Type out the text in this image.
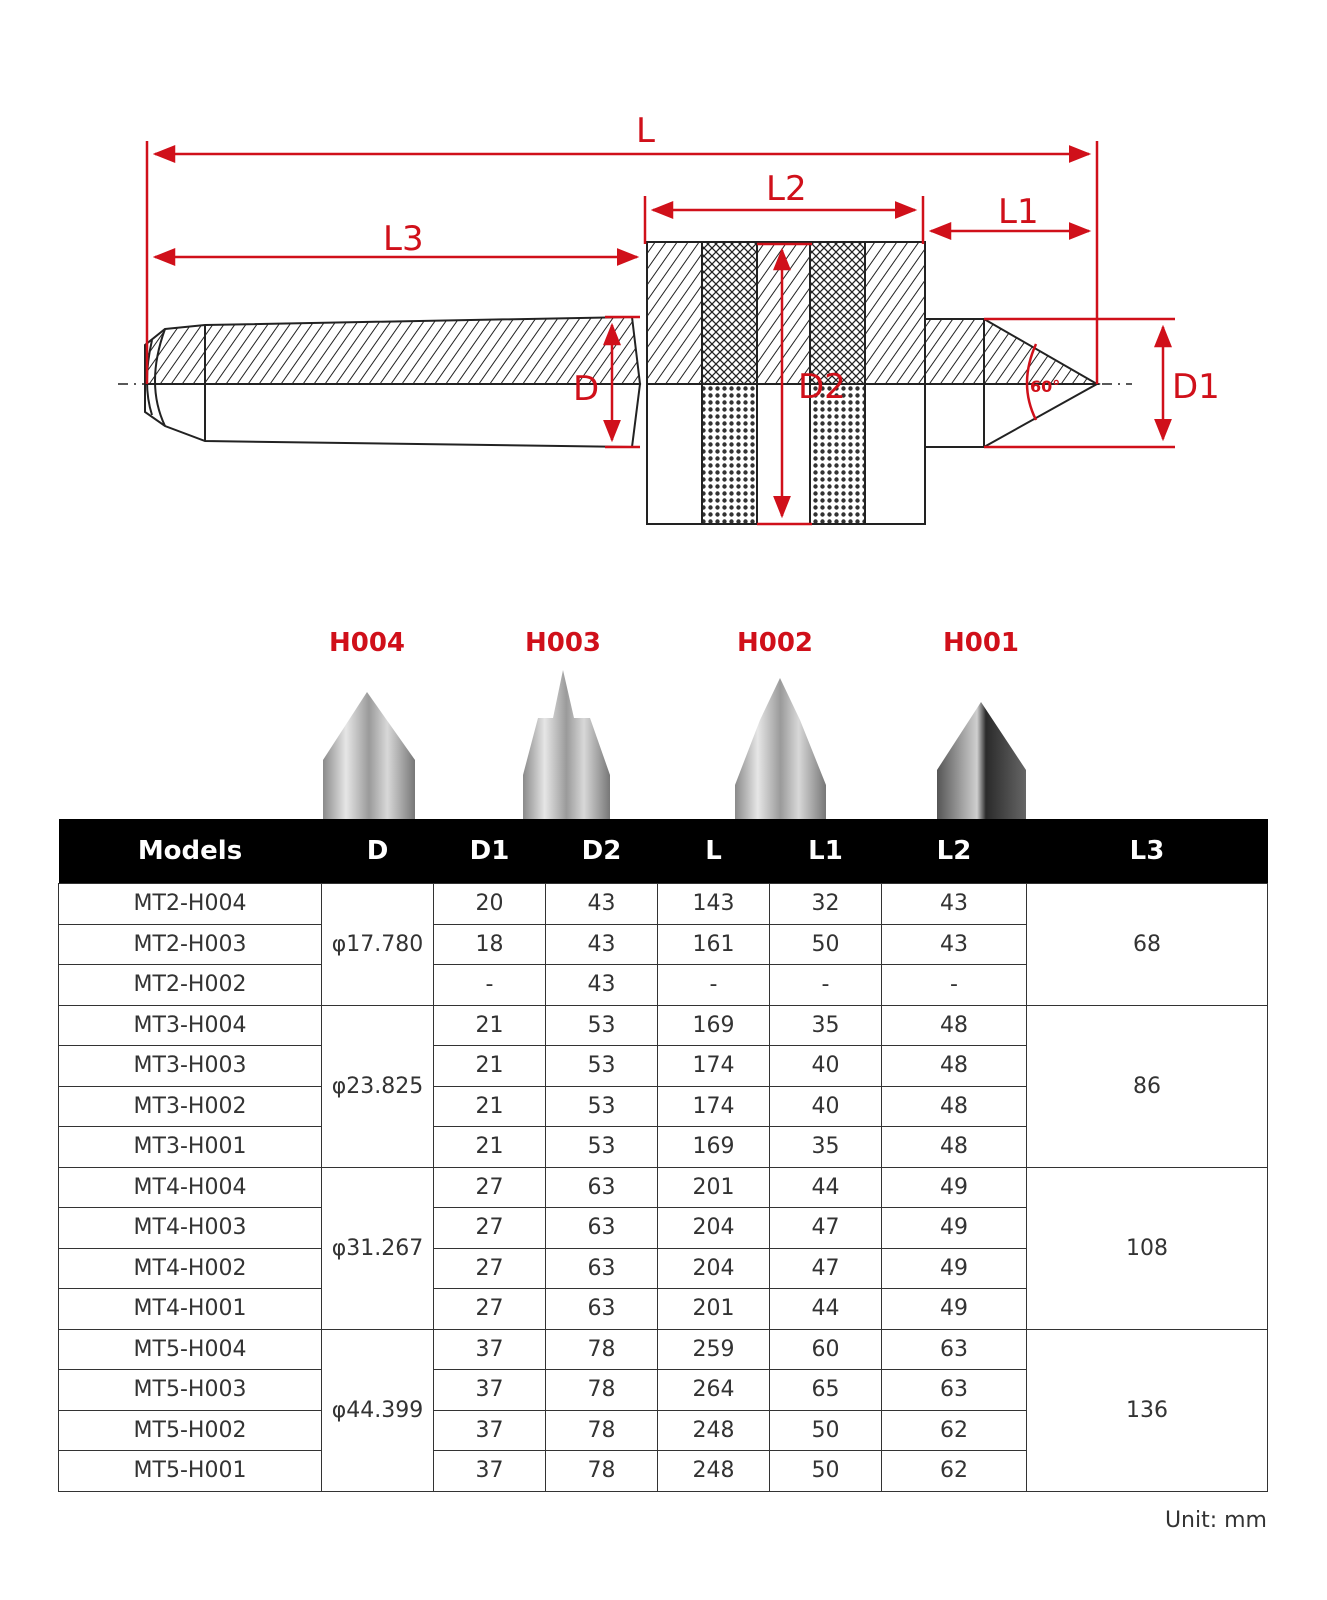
60°
L
L2
L1
L3
D	D2	D1
H004	H003	H002	H001
Models	D	D1	D2	L	L1	L2	L3
MT2-H004	φ17.780	20	43	143	32	43	68
MT2-H003		18	43	161	50	43	
MT2-H002		-	43	-	-	-	
MT3-H004	φ23.825	21	53	169	35	48	86
MT3-H003		21	53	174	40	48	
MT3-H002		21	53	174	40	48	
MT3-H001		21	53	169	35	48	
MT4-H004	φ31.267	27	63	201	44	49	108
MT4-H003		27	63	204	47	49	
MT4-H002		27	63	204	47	49	
MT4-H001		27	63	201	44	49	
MT5-H004	φ44.399	37	78	259	60	63	136
MT5-H003		37	78	264	65	63	
MT5-H002		37	78	248	50	62	
MT5-H001		37	78	248	50	62	
Unit: mm
